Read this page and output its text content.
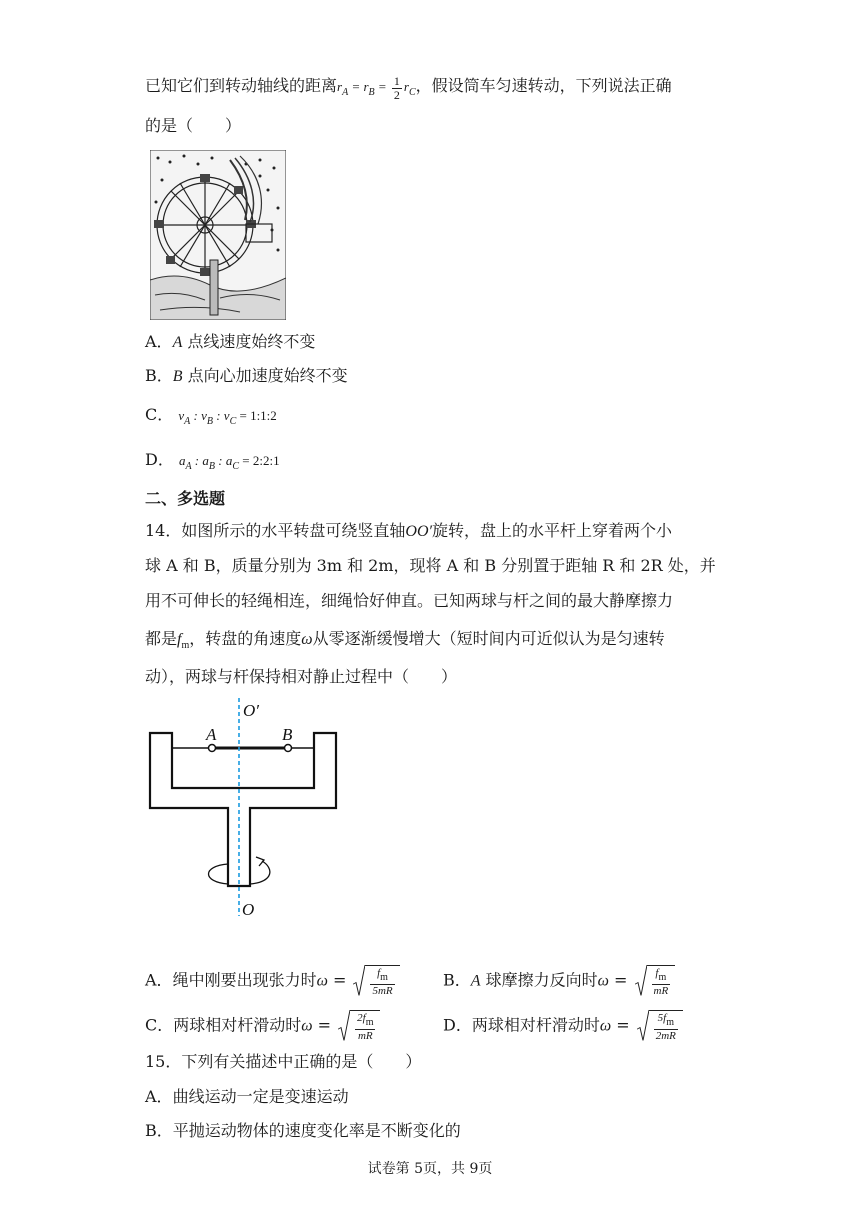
已知它们到转动轴线的距离$r_A = r_B = \frac{1}{2} r_C$，假设筒车匀速转动，下列说法正确
的是（　　）
A．A 点线速度始终不变
B．B 点向心加速度始终不变
C． $v_A$ : $v_B$ : $v_C$ = 1:1:2
D． $a_A$ : $a_B$ : $a_C$ = 2:2:1
二、多选题
14．如图所示的水平转盘可绕竖直轴OO′旋转，盘上的水平杆上穿着两个小
球 A 和 B，质量分别为 3m 和 2m，现将 A 和 B 分别置于距轴 R 和 2R 处，并
用不可伸长的轻绳相连，细绳恰好伸直。已知两球与杆之间的最大静摩擦力
都是$f_m$，转盘的角速度ω从零逐渐缓慢增大（短时间内可近似认为是匀速转
动），两球与杆保持相对静止过程中（　　）
O′
A	B
O
A．绳中刚要出现张力时$\omega = \frac{fm}{5mR}$	B．A 球摩擦力反向时$\omega = \frac{fm}{mR}$
C．两球相对杆滑动时$\omega = \frac{2fm}{mR}$	D．两球相对杆滑动时$\omega = \frac{5fm}{2mR}$
15．下列有关描述中正确的是（　　）
A．曲线运动一定是变速运动
B．平抛运动物体的速度变化率是不断变化的
试卷第 5页，共 9页
